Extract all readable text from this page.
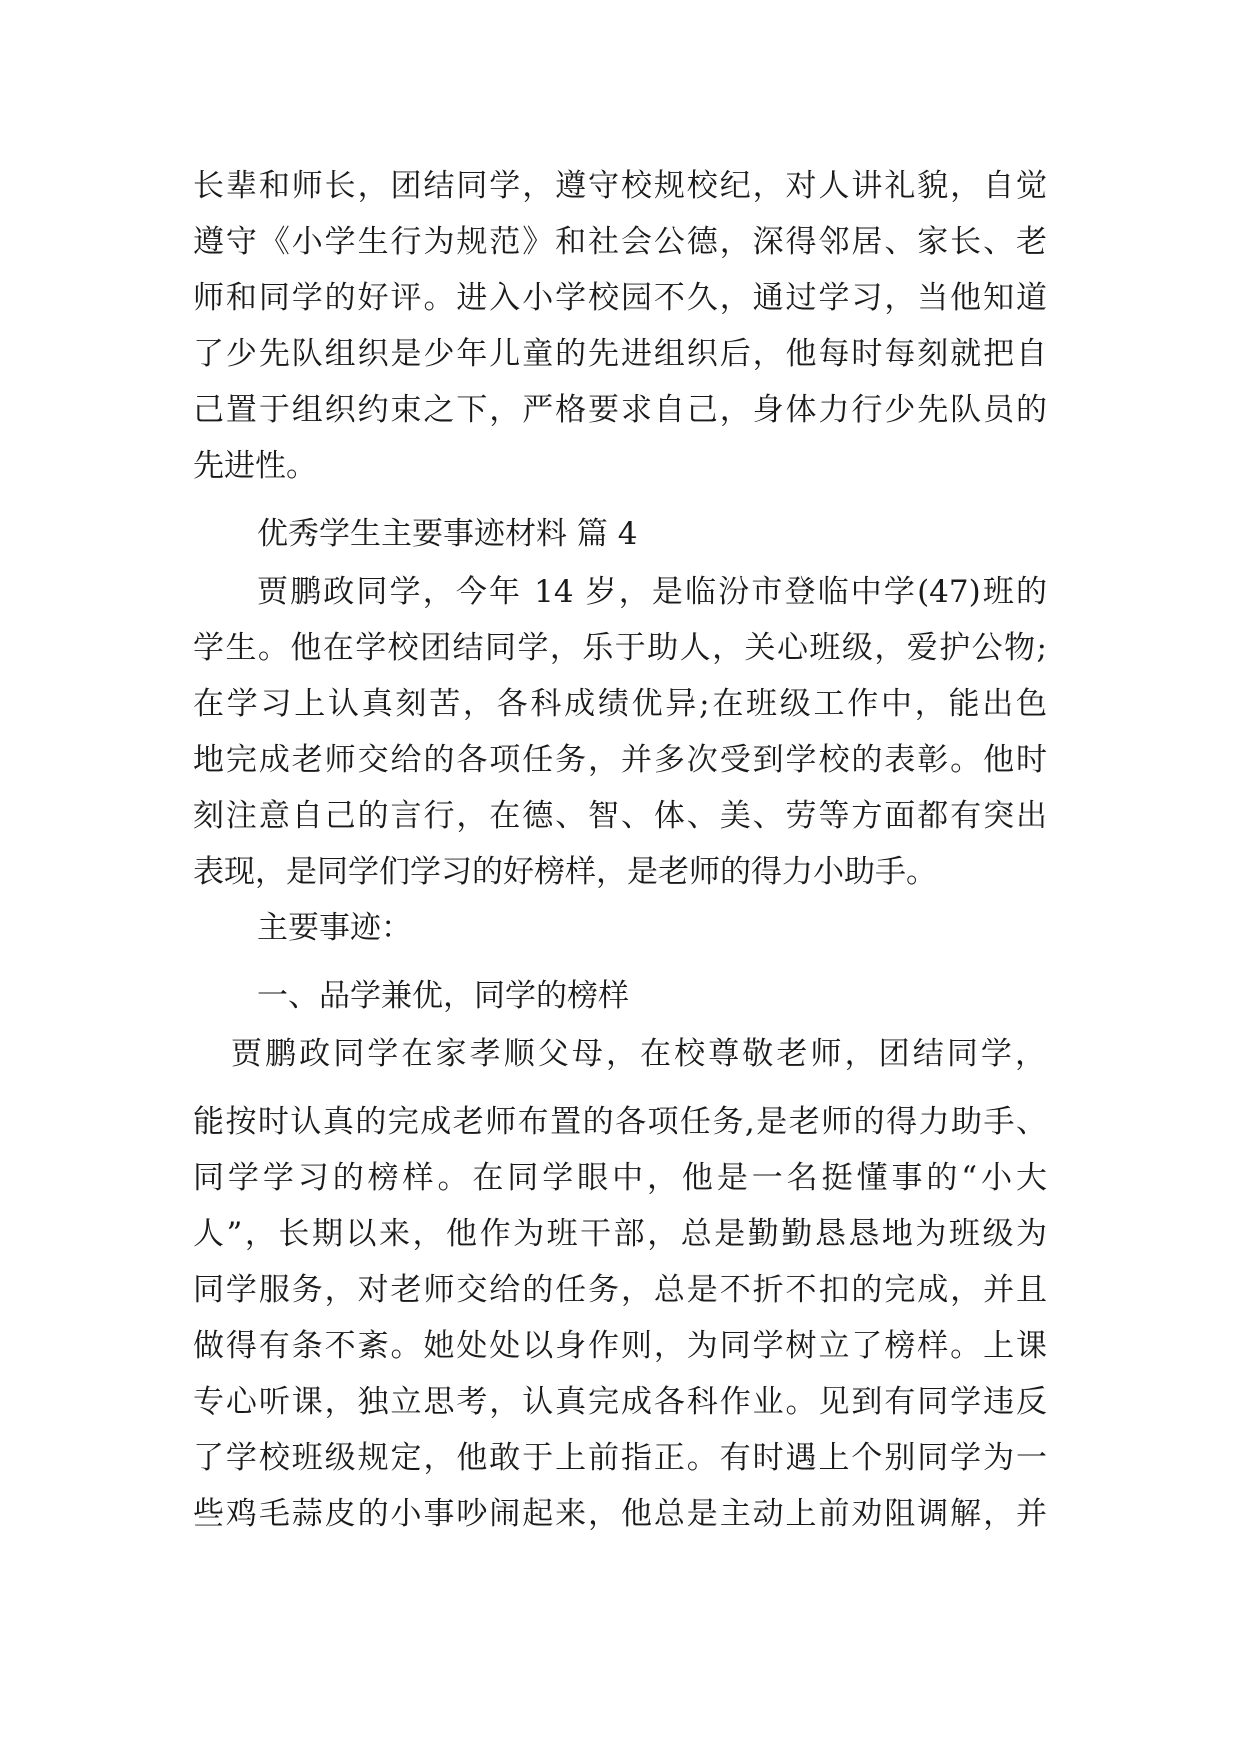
长辈和师长，团结同学，遵守校规校纪，对人讲礼貌，自觉

遵守《小学生行为规范》和社会公德，深得邻居、家长、老

师和同学的好评。进入小学校园不久，通过学习，当他知道

了少先队组织是少年儿童的先进组织后，他每时每刻就把自

己置于组织约束之下，严格要求自己，身体力行少先队员的

先进性。

优秀学生主要事迹材料 篇 4

贾鹏政同学，今年 14 岁，是临汾市登临中学(47)班的

学生。他在学校团结同学，乐于助人，关心班级，爱护公物;

在学习上认真刻苦，各科成绩优异;在班级工作中，能出色

地完成老师交给的各项任务，并多次受到学校的表彰。他时

刻注意自己的言行，在德、智、体、美、劳等方面都有突出

表现，是同学们学习的好榜样，是老师的得力小助手。

主要事迹：

一、品学兼优，同学的榜样

贾鹏政同学在家孝顺父母，在校尊敬老师，团结同学，

能按时认真的完成老师布置的各项任务,是老师的得力助手、

同学学习的榜样。在同学眼中，他是一名挺懂事的“小大

人”，长期以来，他作为班干部，总是勤勤恳恳地为班级为

同学服务，对老师交给的任务，总是不折不扣的完成，并且

做得有条不紊。她处处以身作则，为同学树立了榜样。上课

专心听课，独立思考，认真完成各科作业。见到有同学违反

了学校班级规定，他敢于上前指正。有时遇上个别同学为一

些鸡毛蒜皮的小事吵闹起来，他总是主动上前劝阻调解，并
